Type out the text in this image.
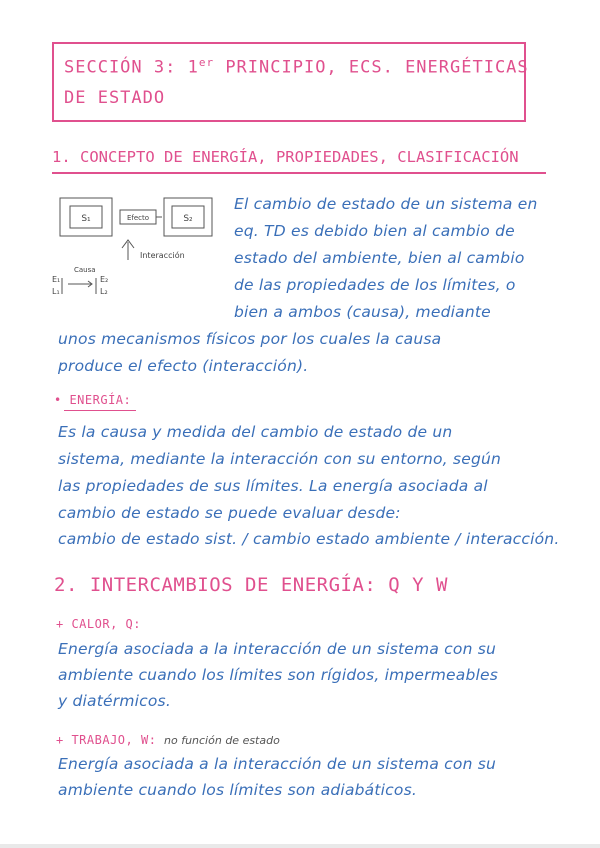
SECCIÓN 3: 1er PRINCIPIO, ECS. ENERGÉTICAS
DE ESTADO
1. CONCEPTO DE ENERGÍA, PROPIEDADES, CLASIFICACIÓN
S₁	Efecto	S₂
Interacción
Causa
E₁
L₁
E₂
L₂
El cambio de estado de un sistema en
eq. TD es debido bien al cambio de
estado del ambiente, bien al cambio
de las propiedades de los límites, o
bien a ambos (causa), mediante
unos mecanismos físicos por los cuales la causa
produce el efecto (interacción).
• ENERGÍA:
Es la causa y medida del cambio de estado de un
sistema, mediante la interacción con su entorno, según
las propiedades de sus límites. La energía asociada al
cambio de estado se puede evaluar desde:
cambio de estado sist. / cambio estado ambiente / interacción.
2. INTERCAMBIOS DE ENERGÍA: Q Y W
+ CALOR, Q:
Energía asociada a la interacción de un sistema con su
ambiente cuando los límites son rígidos, impermeables
y diatérmicos.
+ TRABAJO, W: no función de estado
Energía asociada a la interacción de un sistema con su
ambiente cuando los límites son adiabáticos.
